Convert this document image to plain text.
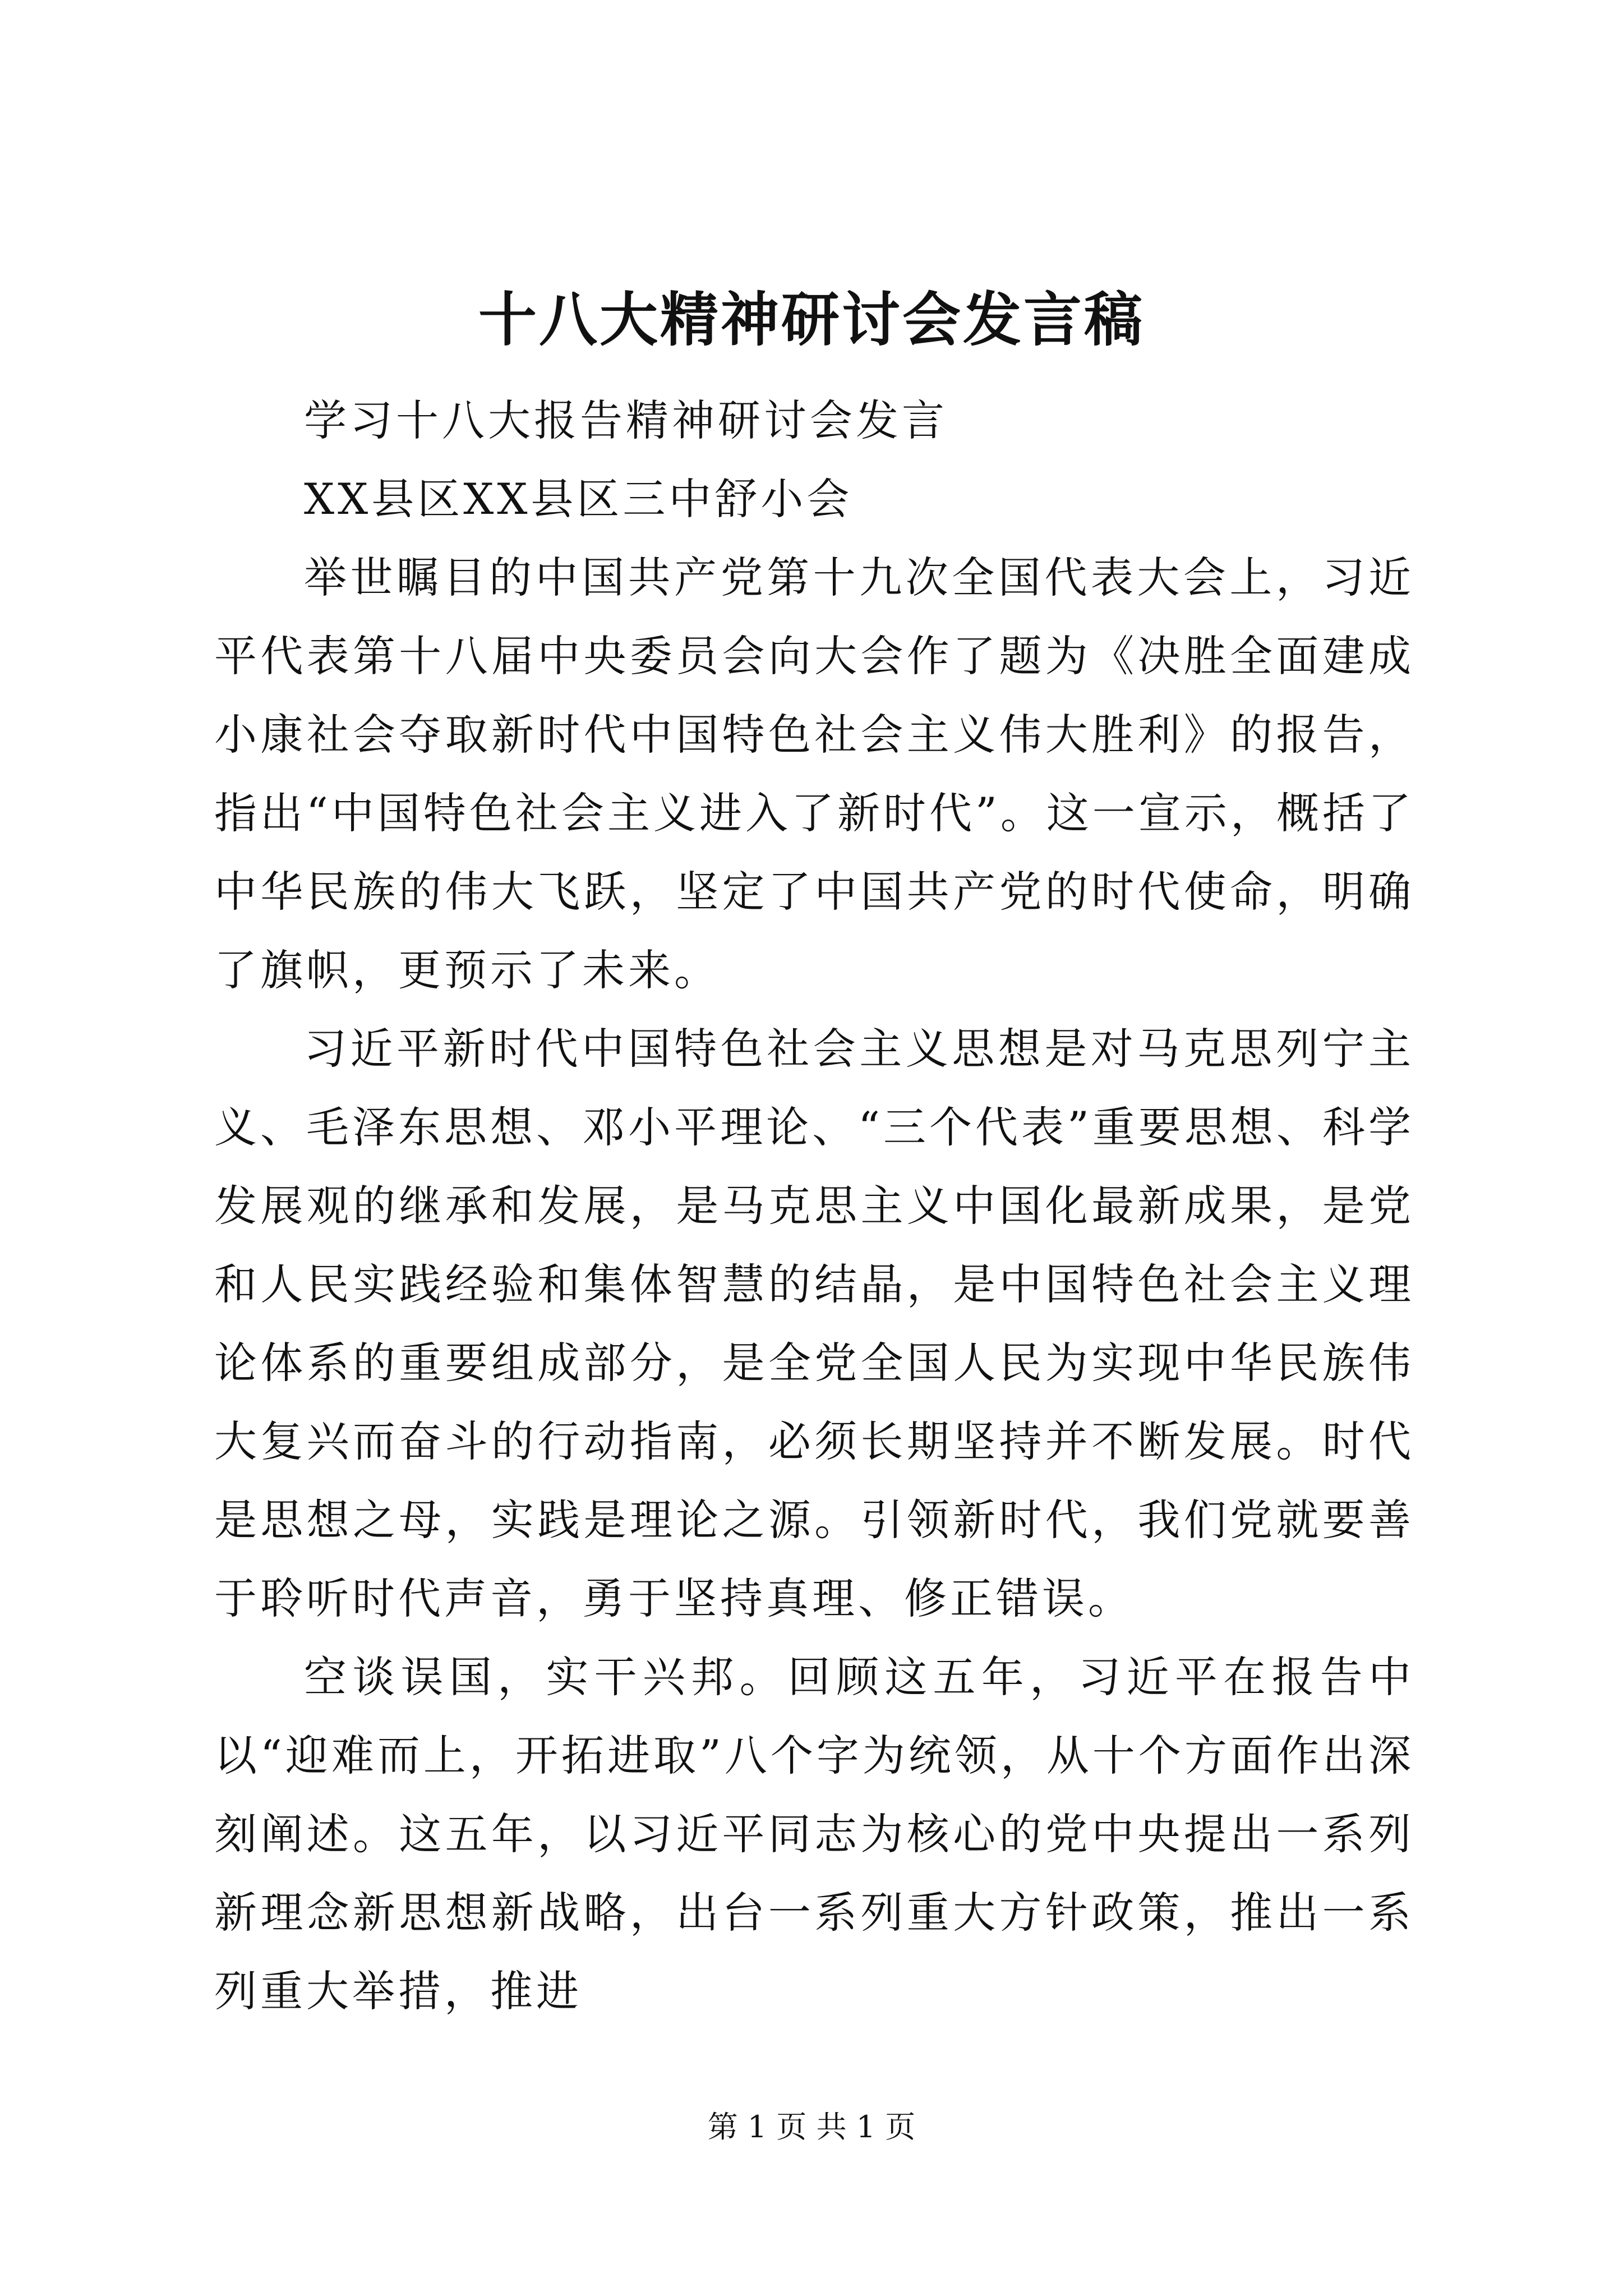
十八大精神研讨会发言稿

学习十八大报告精神研讨会发言

XX县区XX县区三中舒小会

举世瞩目的中国共产党第十九次全国代表大会上，习近平代表第十八届中央委员会向大会作了题为《决胜全面建成小康社会夺取新时代中国特色社会主义伟大胜利》的报告，指出“中国特色社会主义进入了新时代”。这一宣示，概括了中华民族的伟大飞跃，坚定了中国共产党的时代使命，明确了旗帜，更预示了未来。

习近平新时代中国特色社会主义思想是对马克思列宁主义、毛泽东思想、邓小平理论、“三个代表”重要思想、科学发展观的继承和发展，是马克思主义中国化最新成果，是党和人民实践经验和集体智慧的结晶，是中国特色社会主义理论体系的重要组成部分，是全党全国人民为实现中华民族伟大复兴而奋斗的行动指南，必须长期坚持并不断发展。时代是思想之母，实践是理论之源。引领新时代，我们党就要善于聆听时代声音，勇于坚持真理、修正错误。

空谈误国，实干兴邦。回顾这五年，习近平在报告中以“迎难而上，开拓进取”八个字为统领，从十个方面作出深刻阐述。这五年，以习近平同志为核心的党中央提出一系列新理念新思想新战略，出台一系列重大方针政策，推出一系列重大举措，推进

第 1 页 共 1 页
